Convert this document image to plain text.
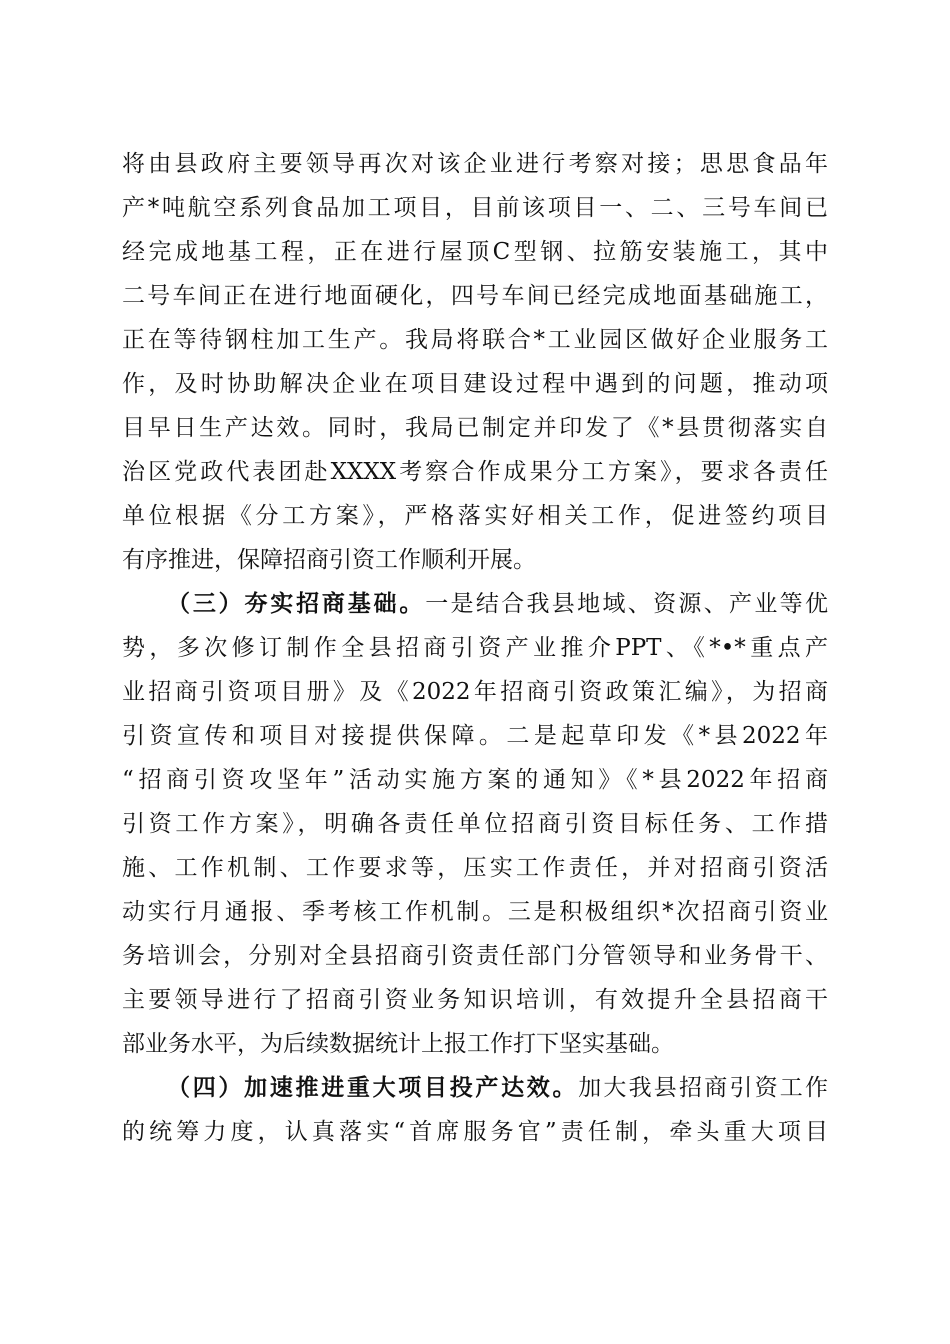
将由县政府主要领导再次对该企业进行考察对接；思思食品年
产*吨航空系列食品加工项目，目前该项目一、二、三号车间已
经完成地基工程，正在进行屋顶C型钢、拉筋安装施工，其中
二号车间正在进行地面硬化，四号车间已经完成地面基础施工，
正在等待钢柱加工生产。我局将联合*工业园区做好企业服务工
作，及时协助解决企业在项目建设过程中遇到的问题，推动项
目早日生产达效。同时，我局已制定并印发了《*县贯彻落实自
治区党政代表团赴XXXX考察合作成果分工方案》，要求各责任
单位根据《分工方案》，严格落实好相关工作，促进签约项目
有序推进，保障招商引资工作顺利开展。
（三）夯实招商基础。一是结合我县地域、资源、产业等优
势，多次修订制作全县招商引资产业推介PPT、《*•*重点产
业招商引资项目册》及《2022年招商引资政策汇编》，为招商
引资宣传和项目对接提供保障。二是起草印发《*县2022年
“招商引资攻坚年”活动实施方案的通知》《*县2022年招商
引资工作方案》，明确各责任单位招商引资目标任务、工作措
施、工作机制、工作要求等，压实工作责任，并对招商引资活
动实行月通报、季考核工作机制。三是积极组织*次招商引资业
务培训会，分别对全县招商引资责任部门分管领导和业务骨干、
主要领导进行了招商引资业务知识培训，有效提升全县招商干
部业务水平，为后续数据统计上报工作打下坚实基础。
（四）加速推进重大项目投产达效。加大我县招商引资工作
的统筹力度，认真落实“首席服务官”责任制，牵头重大项目
